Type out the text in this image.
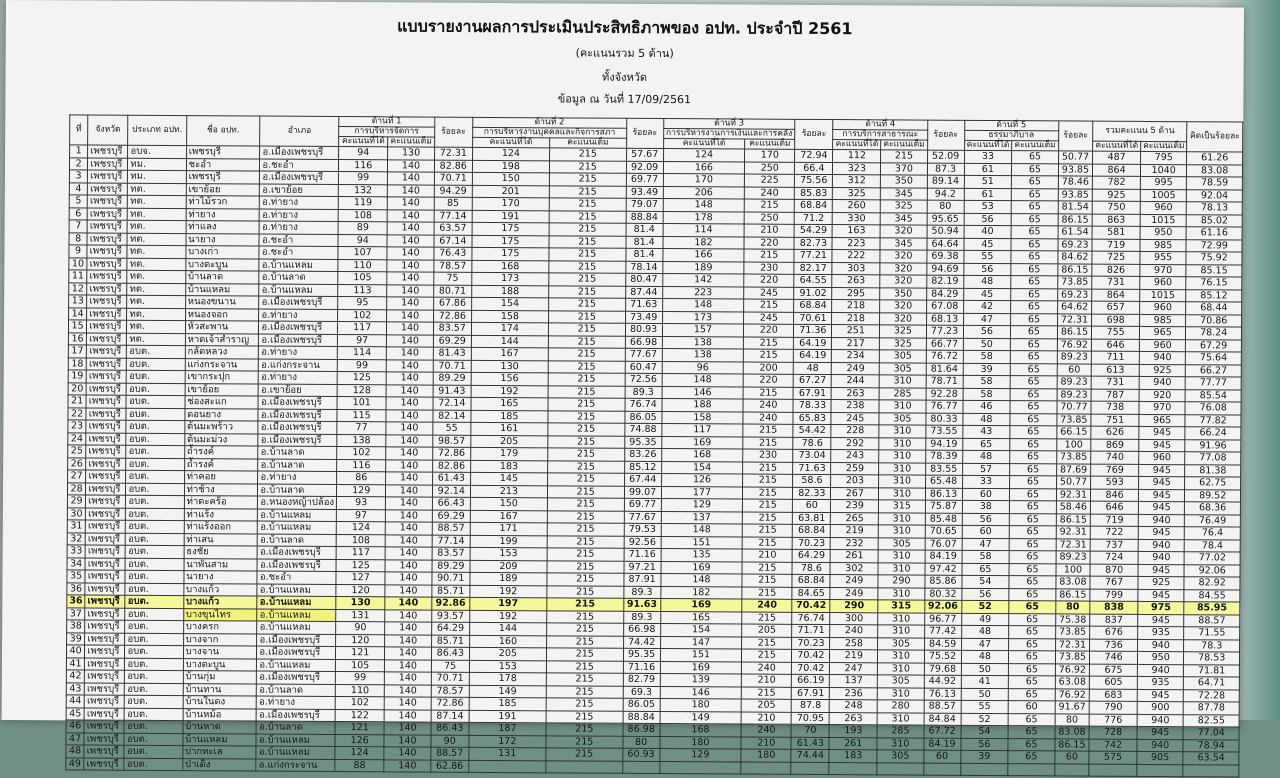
แบบรายงานผลการประเมินประสิทธิภาพของ อปท. ประจำปี 2561
(คะแนนรวม 5 ด้าน)
ทั้งจังหวัด
ข้อมูล ณ วันที่ 17/09/2561
ที่	จังหวัด	ประเภท อปท.	ชื่อ อปท.	อำเภอ	ด้านที่ 1		ร้อยละ	ด้านที่ 2		ร้อยละ	ด้านที่ 3		ร้อยละ	ด้านที่ 4		ร้อยละ	ด้านที่ 5		ร้อยละ	รวมคะแนน 5 ด้าน		คิดเป็นร้อยละ
					การบริหารจัดการ			การบริหารงานบุคคลและกิจการสภา			การบริหารงานการเงินและการคลัง			การบริการสาธารณะ			ธรรมาภิบาล					
					คะแนนที่ได้	คะแนนเต็ม		คะแนนที่ได้	คะแนนเต็ม		คะแนนที่ได้	คะแนนเต็ม		คะแนนที่ได้	คะแนนเต็ม		คะแนนที่ได้	คะแนนเต็ม		คะแนนที่ได้	คะแนนเต็ม	
1	เพชรบุรี	อบจ.	เพชรบุรี	อ.เมืองเพชรบุรี	94	130	72.31	124	215	57.67	124	170	72.94	112	215	52.09	33	65	50.77	487	795	61.26
2	เพชรบุรี	ทม.	ชะอำ	อ.ชะอำ	116	140	82.86	198	215	92.09	166	250	66.4	323	370	87.3	61	65	93.85	864	1040	83.08
3	เพชรบุรี	ทม.	เพชรบุรี	อ.เมืองเพชรบุรี	99	140	70.71	150	215	69.77	170	225	75.56	312	350	89.14	51	65	78.46	782	995	78.59
4	เพชรบุรี	ทต.	เขาย้อย	อ.เขาย้อย	132	140	94.29	201	215	93.49	206	240	85.83	325	345	94.2	61	65	93.85	925	1005	92.04
5	เพชรบุรี	ทต.	ท่าไม้รวก	อ.ท่ายาง	119	140	85	170	215	79.07	148	215	68.84	260	325	80	53	65	81.54	750	960	78.13
6	เพชรบุรี	ทต.	ท่ายาง	อ.ท่ายาง	108	140	77.14	191	215	88.84	178	250	71.2	330	345	95.65	56	65	86.15	863	1015	85.02
7	เพชรบุรี	ทต.	ท่าแลง	อ.ท่ายาง	89	140	63.57	175	215	81.4	114	210	54.29	163	320	50.94	40	65	61.54	581	950	61.16
8	เพชรบุรี	ทต.	นายาง	อ.ชะอำ	94	140	67.14	175	215	81.4	182	220	82.73	223	345	64.64	45	65	69.23	719	985	72.99
9	เพชรบุรี	ทต.	บางเก่า	อ.ชะอำ	107	140	76.43	175	215	81.4	166	215	77.21	222	320	69.38	55	65	84.62	725	955	75.92
10	เพชรบุรี	ทต.	บางตะบูน	อ.บ้านแหลม	110	140	78.57	168	215	78.14	189	230	82.17	303	320	94.69	56	65	86.15	826	970	85.15
11	เพชรบุรี	ทต.	บ้านลาด	อ.บ้านลาด	105	140	75	173	215	80.47	142	220	64.55	263	320	82.19	48	65	73.85	731	960	76.15
12	เพชรบุรี	ทต.	บ้านแหลม	อ.บ้านแหลม	113	140	80.71	188	215	87.44	223	245	91.02	295	350	84.29	45	65	69.23	864	1015	85.12
13	เพชรบุรี	ทต.	หนองขนาน	อ.เมืองเพชรบุรี	95	140	67.86	154	215	71.63	148	215	68.84	218	320	67.08	42	65	64.62	657	960	68.44
14	เพชรบุรี	ทต.	หนองจอก	อ.ท่ายาง	102	140	72.86	158	215	73.49	173	245	70.61	218	320	68.13	47	65	72.31	698	985	70.86
15	เพชรบุรี	ทต.	หัวสะพาน	อ.เมืองเพชรบุรี	117	140	83.57	174	215	80.93	157	220	71.36	251	325	77.23	56	65	86.15	755	965	78.24
16	เพชรบุรี	ทต.	หาดเจ้าสำราญ	อ.เมืองเพชรบุรี	97	140	69.29	144	215	66.98	138	215	64.19	217	325	66.77	50	65	76.92	646	960	67.29
17	เพชรบุรี	อบต.	กลัดหลวง	อ.ท่ายาง	114	140	81.43	167	215	77.67	138	215	64.19	234	305	76.72	58	65	89.23	711	940	75.64
18	เพชรบุรี	อบต.	แก่งกระจาน	อ.แก่งกระจาน	99	140	70.71	130	215	60.47	96	200	48	249	305	81.64	39	65	60	613	925	66.27
19	เพชรบุรี	อบต.	เขากระปุก	อ.ท่ายาง	125	140	89.29	156	215	72.56	148	220	67.27	244	310	78.71	58	65	89.23	731	940	77.77
20	เพชรบุรี	อบต.	เขาย้อย	อ.เขาย้อย	128	140	91.43	192	215	89.3	146	215	67.91	263	285	92.28	58	65	89.23	787	920	85.54
21	เพชรบุรี	อบต.	ช่องสะแก	อ.เมืองเพชรบุรี	101	140	72.14	165	215	76.74	188	240	78.33	238	310	76.77	46	65	70.77	738	970	76.08
22	เพชรบุรี	อบต.	ดอนยาง	อ.เมืองเพชรบุรี	115	140	82.14	185	215	86.05	158	240	65.83	245	305	80.33	48	65	73.85	751	965	77.82
23	เพชรบุรี	อบต.	ต้นมะพร้าว	อ.เมืองเพชรบุรี	77	140	55	161	215	74.88	117	215	54.42	228	310	73.55	43	65	66.15	626	945	66.24
24	เพชรบุรี	อบต.	ต้นมะม่วง	อ.เมืองเพชรบุรี	138	140	98.57	205	215	95.35	169	215	78.6	292	310	94.19	65	65	100	869	945	91.96
25	เพชรบุรี	อบต.	ถ้ำรงค์	อ.บ้านลาด	102	140	72.86	179	215	83.26	168	230	73.04	243	310	78.39	48	65	73.85	740	960	77.08
26	เพชรบุรี	อบต.	ถ้ำรงค์	อ.บ้านลาด	116	140	82.86	183	215	85.12	154	215	71.63	259	310	83.55	57	65	87.69	769	945	81.38
27	เพชรบุรี	อบต.	ท่าคอย	อ.ท่ายาง	86	140	61.43	145	215	67.44	126	215	58.6	203	310	65.48	33	65	50.77	593	945	62.75
28	เพชรบุรี	อบต.	ท่าช้าง	อ.บ้านลาด	129	140	92.14	213	215	99.07	177	215	82.33	267	310	86.13	60	65	92.31	846	945	89.52
29	เพชรบุรี	อบต.	ท่าตะคร้อ	อ.หนองหญ้าปล้อง	93	140	66.43	150	215	69.77	129	215	60	239	315	75.87	38	65	58.46	646	945	68.36
30	เพชรบุรี	อบต.	ท่าแร้ง	อ.บ้านแหลม	97	140	69.29	167	215	77.67	137	215	63.81	265	310	85.48	56	65	86.15	719	940	76.49
31	เพชรบุรี	อบต.	ท่าแร้งออก	อ.บ้านแหลม	124	140	88.57	171	215	79.53	148	215	68.84	219	310	70.65	60	65	92.31	722	945	76.4
32	เพชรบุรี	อบต.	ท่าเสน	อ.บ้านลาด	108	140	77.14	199	215	92.56	151	215	70.23	232	305	76.07	47	65	72.31	737	940	78.4
33	เพชรบุรี	อบต.	ธงชัย	อ.เมืองเพชรบุรี	117	140	83.57	153	215	71.16	135	210	64.29	261	310	84.19	58	65	89.23	724	940	77.02
34	เพชรบุรี	อบต.	นาพันสาม	อ.เมืองเพชรบุรี	125	140	89.29	209	215	97.21	169	215	78.6	302	310	97.42	65	65	100	870	945	92.06
35	เพชรบุรี	อบต.	นายาง	อ.ชะอำ	127	140	90.71	189	215	87.91	148	215	68.84	249	290	85.86	54	65	83.08	767	925	82.92
36	เพชรบุรี	อบต.	บางแก้ว	อ.บ้านแหลม	120	140	85.71	192	215	89.3	182	215	84.65	249	310	80.32	56	65	86.15	799	945	84.55
36	เพชรบุรี	อบต.	บางแก้ว	อ.บ้านแหลม	130	140	92.86	197	215	91.63	169	240	70.42	290	315	92.06	52	65	80	838	975	85.95
37	เพชรบุรี	อบต.	บางขุนไทร	อ.บ้านแหลม	131	140	93.57	192	215	89.3	165	215	76.74	300	310	96.77	49	65	75.38	837	945	88.57
38	เพชรบุรี	อบต.	บางครก	อ.บ้านแหลม	90	140	64.29	144	215	66.98	154	205	71.71	240	310	77.42	48	65	73.85	676	935	71.55
39	เพชรบุรี	อบต.	บางจาก	อ.เมืองเพชรบุรี	120	140	85.71	160	215	74.42	147	215	70.23	258	305	84.59	47	65	72.31	736	940	78.3
40	เพชรบุรี	อบต.	บางจาน	อ.เมืองเพชรบุรี	121	140	86.43	205	215	95.35	151	215	70.42	219	310	75.52	48	65	73.85	746	950	78.53
41	เพชรบุรี	อบต.	บางตะบูน	อ.บ้านแหลม	105	140	75	153	215	71.16	169	240	70.42	247	310	79.68	50	65	76.92	675	940	71.81
42	เพชรบุรี	อบต.	บ้านกุ่ม	อ.เมืองเพชรบุรี	99	140	70.71	178	215	82.79	139	210	66.19	137	305	44.92	41	65	63.08	605	935	64.71
43	เพชรบุรี	อบต.	บ้านทาน	อ.บ้านลาด	110	140	78.57	149	215	69.3	146	215	67.91	236	310	76.13	50	65	76.92	683	945	72.28
44	เพชรบุรี	อบต.	บ้านในดง	อ.ท่ายาง	102	140	72.86	185	215	86.05	180	205	87.8	248	280	88.57	55	60	91.67	790	900	87.78
45	เพชรบุรี	อบต.	บ้านหม้อ	อ.เมืองเพชรบุรี	122	140	87.14	191	215	88.84	149	210	70.95	263	310	84.84	52	65	80	776	940	82.55
46	เพชรบุรี	อบต.	บ้านหาด	อ.บ้านลาด	121	140	86.43	187	215	86.98	168	240	70	193	285	67.72	54	65	83.08	728	945	77.04
47	เพชรบุรี	อบต.	บ้านแหลม	อ.บ้านแหลม	126	140	90	172	215	80	180	210	61.43	261	310	84.19	56	65	86.15	742	940	78.94
48	เพชรบุรี	อบต.	ปากทะเล	อ.บ้านแหลม	124	140	88.57	131	215	60.93	129	180	74.44	183	305	60	39	65	60	575	905	63.54
49	เพชรบุรี	อบต.	ป่าเด็ง	อ.แก่งกระจาน	88	140	62.86															
